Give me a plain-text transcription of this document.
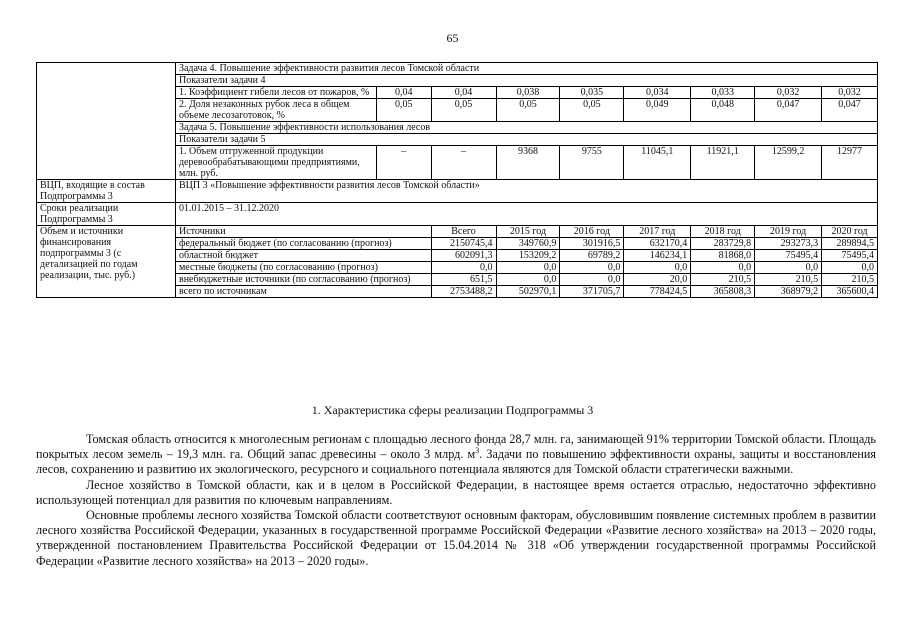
65
	Задача 4. Повышение эффективности развития лесов Томской области								
	Показатели задачи 4								
	1. Коэффициент гибели лесов от пожаров, %	0,04	0,04	0,038	0,035	0,034	0,033	0,032	0,032
	2. Доля незаконных рубок леса в общем объеме лесозаготовок, %	0,05	0,05	0,05	0,05	0,049	0,048	0,047	0,047
	Задача 5. Повышение эффективности использования лесов								
	Показатели задачи 5								
	1. Объем отгруженной продукции деревообрабатывающими предприятиями, млн. руб.	–	–	9368	9755	11045,1	11921,1	12599,2	12977
ВЦП, входящие в состав Подпрограммы 3	ВЦП 3 «Повышение эффективности развития лесов Томской области»								
Сроки реализации Подпрограммы 3	01.01.2015 – 31.12.2020								
Объем и источники финансирования подпрограммы 3 (с детализацией по годам реализации, тыс. руб.)	Источники		Всего	2015 год	2016 год	2017 год	2018 год	2019 год	2020 год
	федеральный бюджет (по согласованию (прогноз)		2150745,4	349760,9	301916,5	632170,4	283729,8	293273,3	289894,5
	областной бюджет		602091,3	153209,2	69789,2	146234,1	81868,0	75495,4	75495,4
	местные бюджеты (по согласованию (прогноз)		0,0	0,0	0,0	0,0	0,0	0,0	0,0
	внебюджетные источники (по согласованию (прогноз)		651,5	0,0	0,0	20,0	210,5	210,5	210,5
	всего по источникам		2753488,2	502970,1	371705,7	778424,5	365808,3	368979,2	365600,4
1. Характеристика сферы реализации Подпрограммы 3

Томская область относится к многолесным регионам с площадью лесного фонда 28,7 млн. га, занимающей 91% территории Томской области. Площадь покрытых лесом земель – 19,3 млн. га. Общий запас древесины – около 3 млрд. $м^3$. Задачи по повышению эффективности охраны, защиты и восстановления лесов, сохранению и развитию их экологического, ресурсного и социального потенциала являются для Томской области стратегически важными.

Лесное хозяйство в Томской области, как и в целом в Российской Федерации, в настоящее время остается отраслью, недостаточно эффективно использующей потенциал для развития по ключевым направлениям.

Основные проблемы лесного хозяйства Томской области соответствуют основным факторам, обусловившим появление системных проблем в развитии лесного хозяйства Российской Федерации, указанных в государственной программе Российской Федерации «Развитие лесного хозяйства» на 2013 – 2020 годы, утвержденной постановлением Правительства Российской Федерации от 15.04.2014 № 318 «Об утверждении государственной программы Российской Федерации «Развитие лесного хозяйства» на 2013 – 2020 годы».
